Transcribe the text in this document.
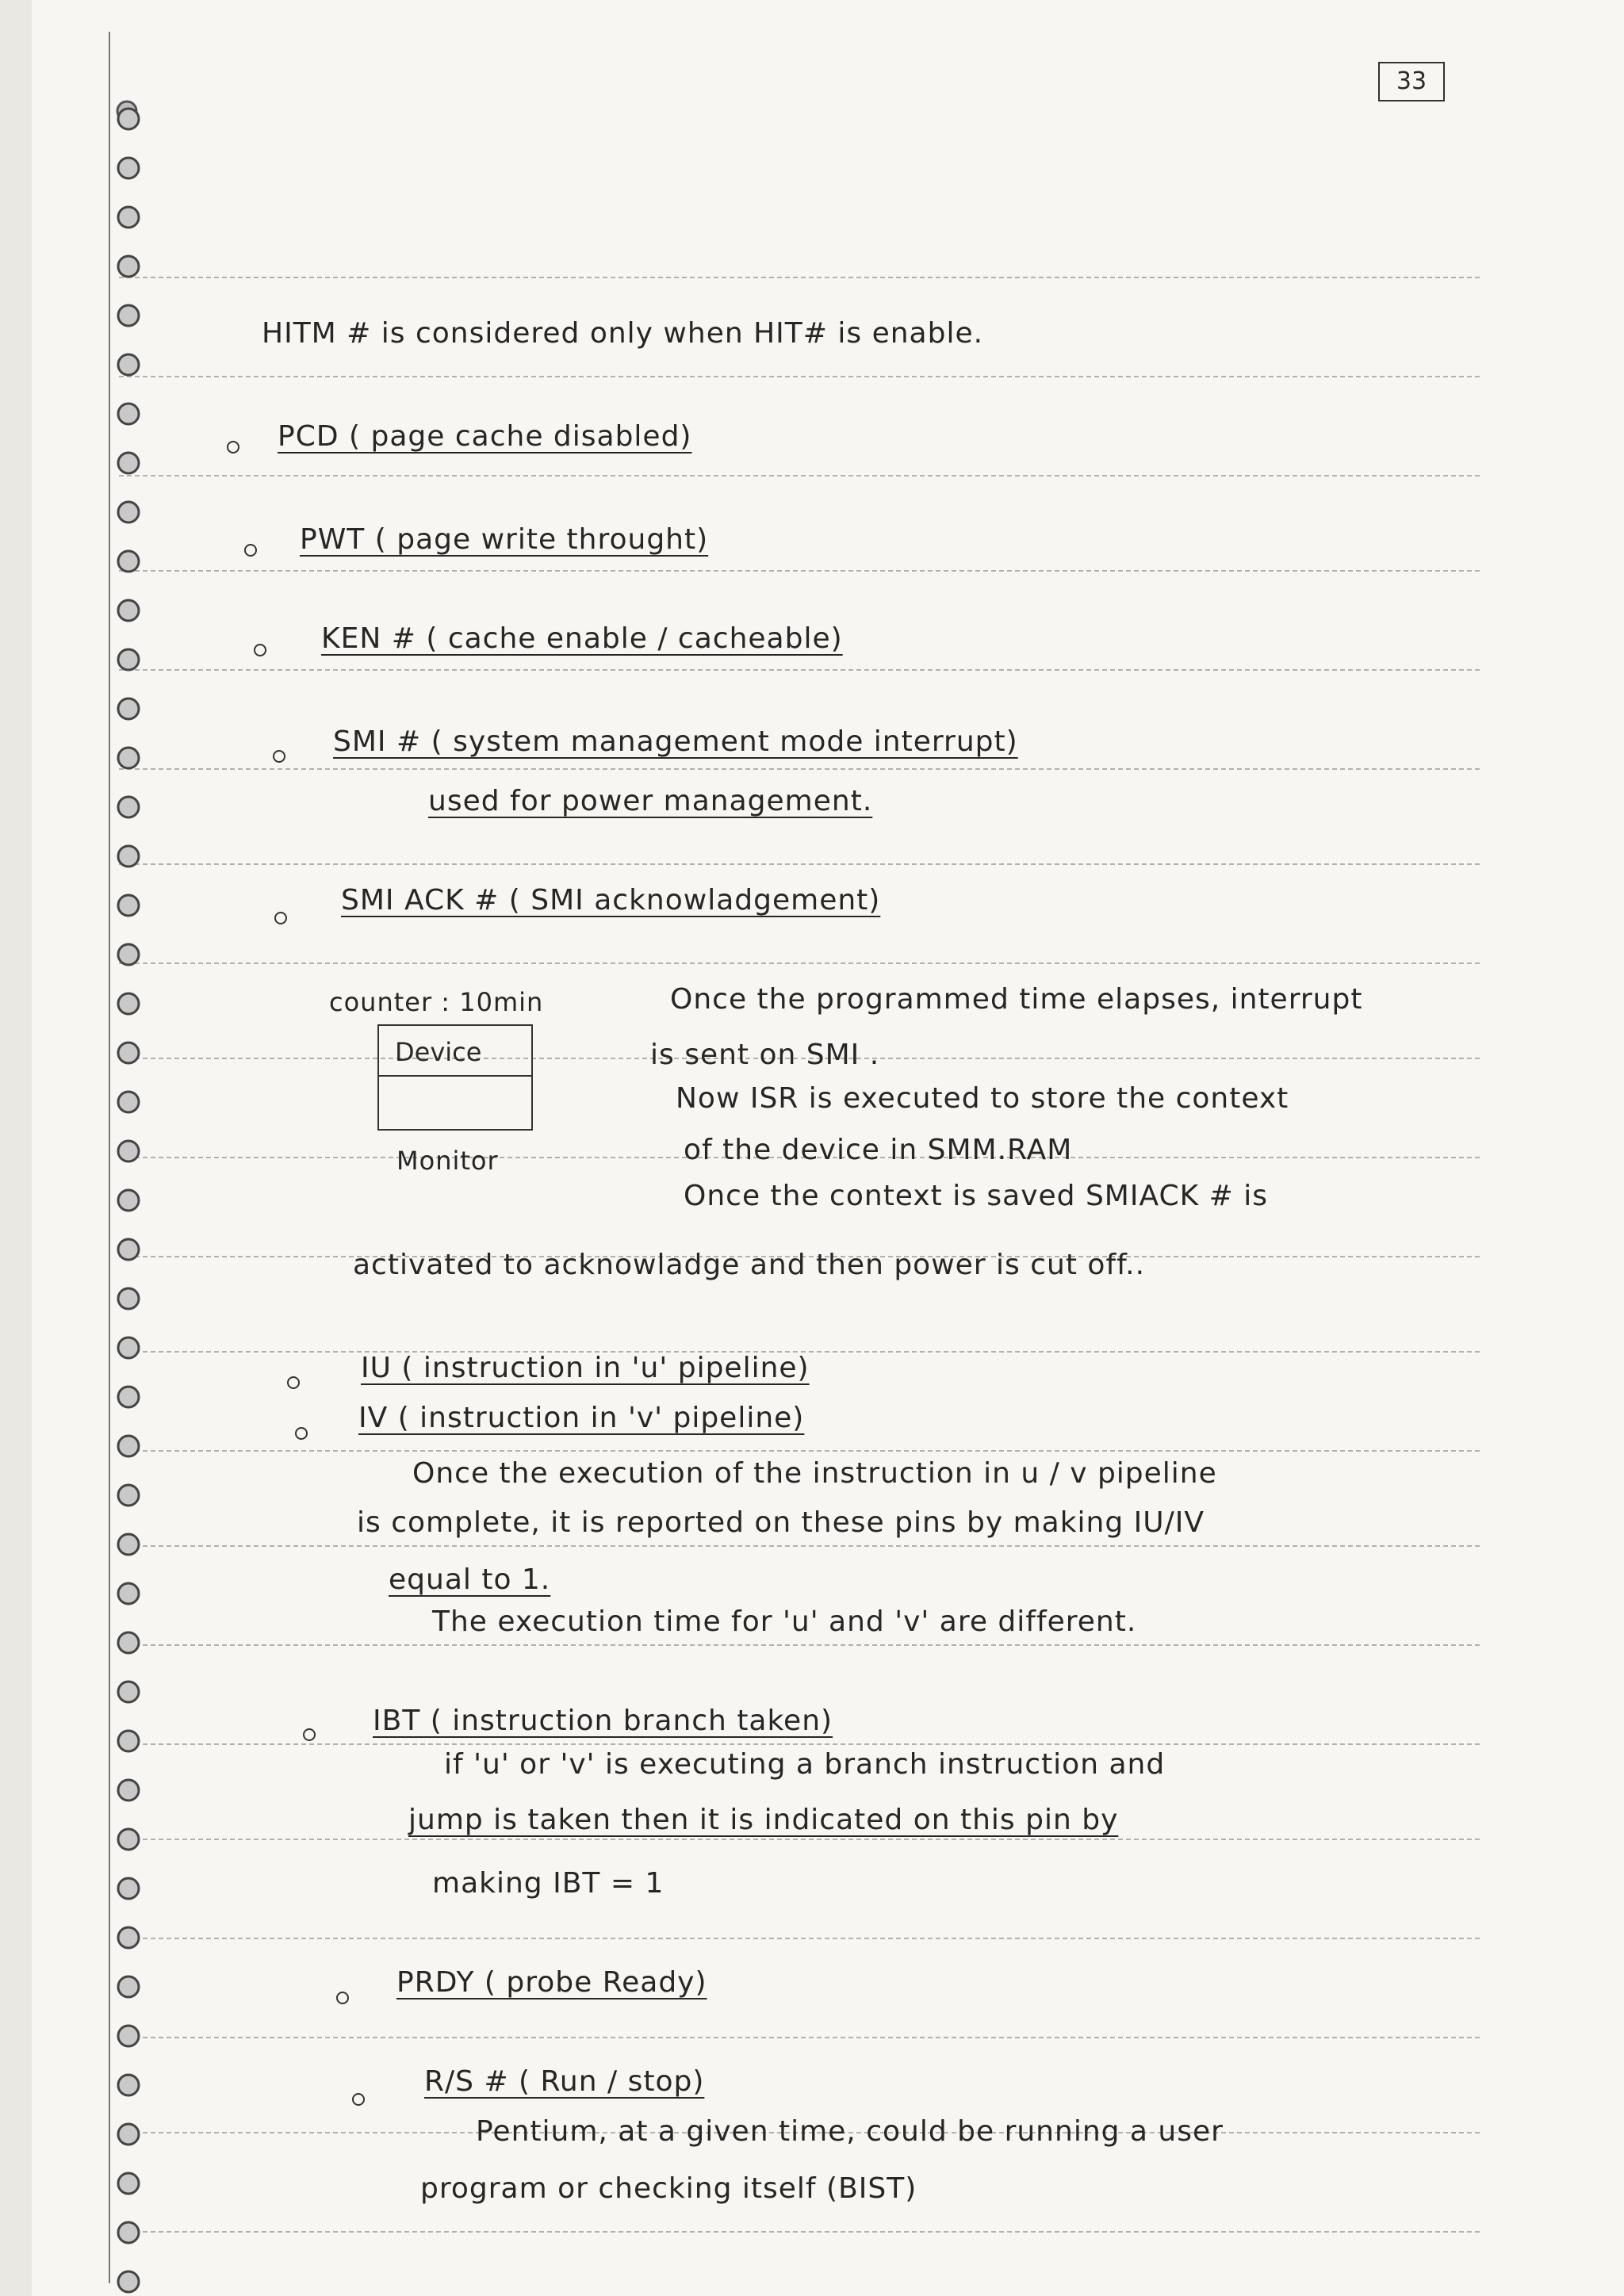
33
HITM # is considered only when HIT# is enable.
PCD ( page cache disabled)
PWT ( page write throught)
KEN # ( cache enable / cacheable)
SMI # ( system management mode interrupt)
used for power management.
SMI ACK # ( SMI acknowladgement)
counter : 10min
Device
Monitor
Once the programmed time elapses, interrupt
is sent on SMI .
Now ISR is executed to store the context
of the device in SMM.RAM
Once the context is saved SMIACK # is
activated to acknowladge and then power is cut off..
IU ( instruction in 'u' pipeline)
IV ( instruction in 'v' pipeline)
Once the execution of the instruction in u / v pipeline
is complete, it is reported on these pins by making IU/IV
equal to 1.
The execution time for 'u' and 'v' are different.
IBT ( instruction branch taken)
if 'u' or 'v' is executing a branch instruction and
jump is taken then it is indicated on this pin by
making IBT = 1
PRDY ( probe Ready)
R/S # ( Run / stop)
Pentium, at a given time, could be running a user
program or checking itself (BIST)
